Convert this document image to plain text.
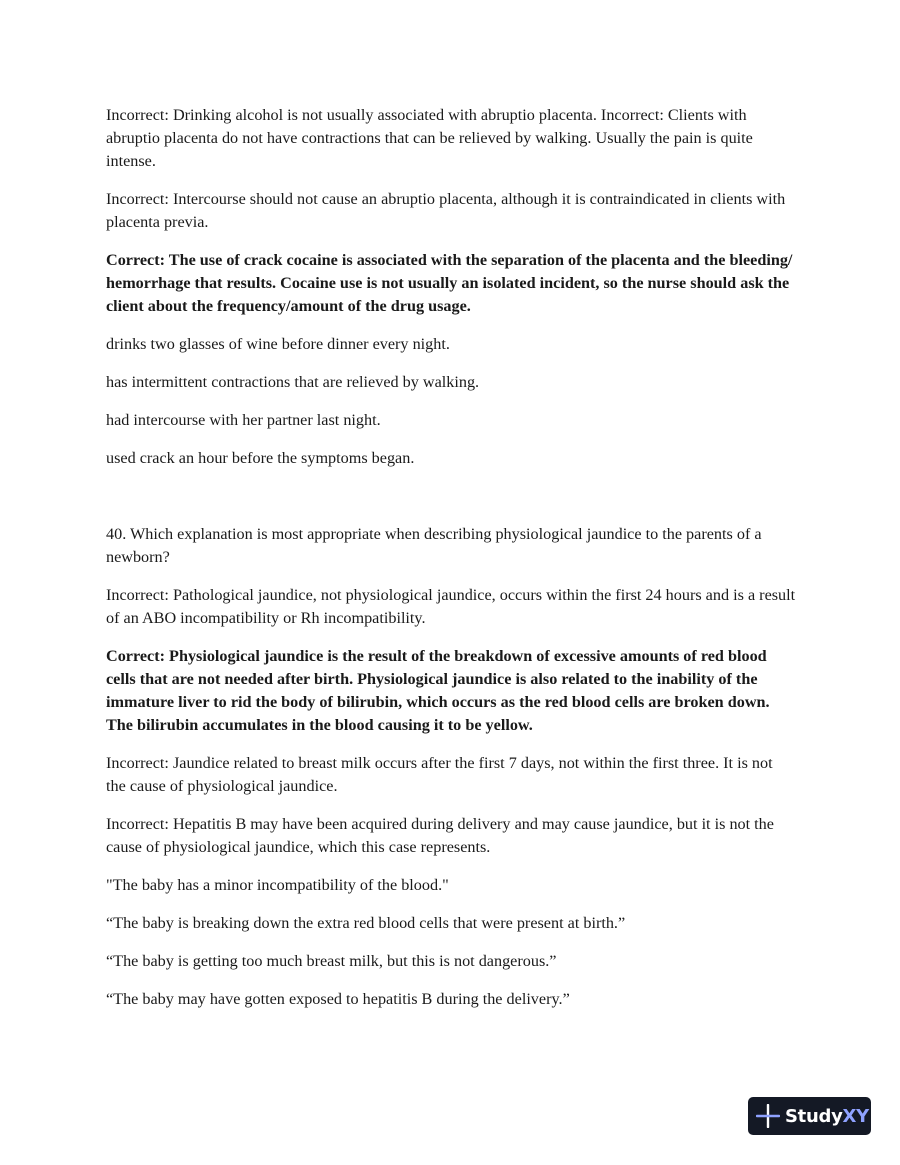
Incorrect: Drinking alcohol is not usually associated with abruptio placenta. Incorrect: Clients with abruptio placenta do not have contractions that can be relieved by walking. Usually the pain is quite intense.

Incorrect: Intercourse should not cause an abruptio placenta, although it is contraindicated in clients with placenta previa.

Correct: The use of crack cocaine is associated with the separation of the placenta and the bleeding/ hemorrhage that results. Cocaine use is not usually an isolated incident, so the nurse should ask the client about the frequency/amount of the drug usage.

drinks two glasses of wine before dinner every night.

has intermittent contractions that are relieved by walking.

had intercourse with her partner last night.

used crack an hour before the symptoms began.

40. Which explanation is most appropriate when describing physiological jaundice to the parents of a newborn?

Incorrect: Pathological jaundice, not physiological jaundice, occurs within the first 24 hours and is a result of an ABO incompatibility or Rh incompatibility.

Correct: Physiological jaundice is the result of the breakdown of excessive amounts of red blood cells that are not needed after birth. Physiological jaundice is also related to the inability of the immature liver to rid the body of bilirubin, which occurs as the red blood cells are broken down. The bilirubin accumulates in the blood causing it to be yellow.

Incorrect: Jaundice related to breast milk occurs after the first 7 days, not within the first three. It is not the cause of physiological jaundice.

Incorrect: Hepatitis B may have been acquired during delivery and may cause jaundice, but it is not the cause of physiological jaundice, which this case represents.

"The baby has a minor incompatibility of the blood."

“The baby is breaking down the extra red blood cells that were present at birth.”

“The baby is getting too much breast milk, but this is not dangerous.”

“The baby may have gotten exposed to hepatitis B during the delivery.”

StudyXY
